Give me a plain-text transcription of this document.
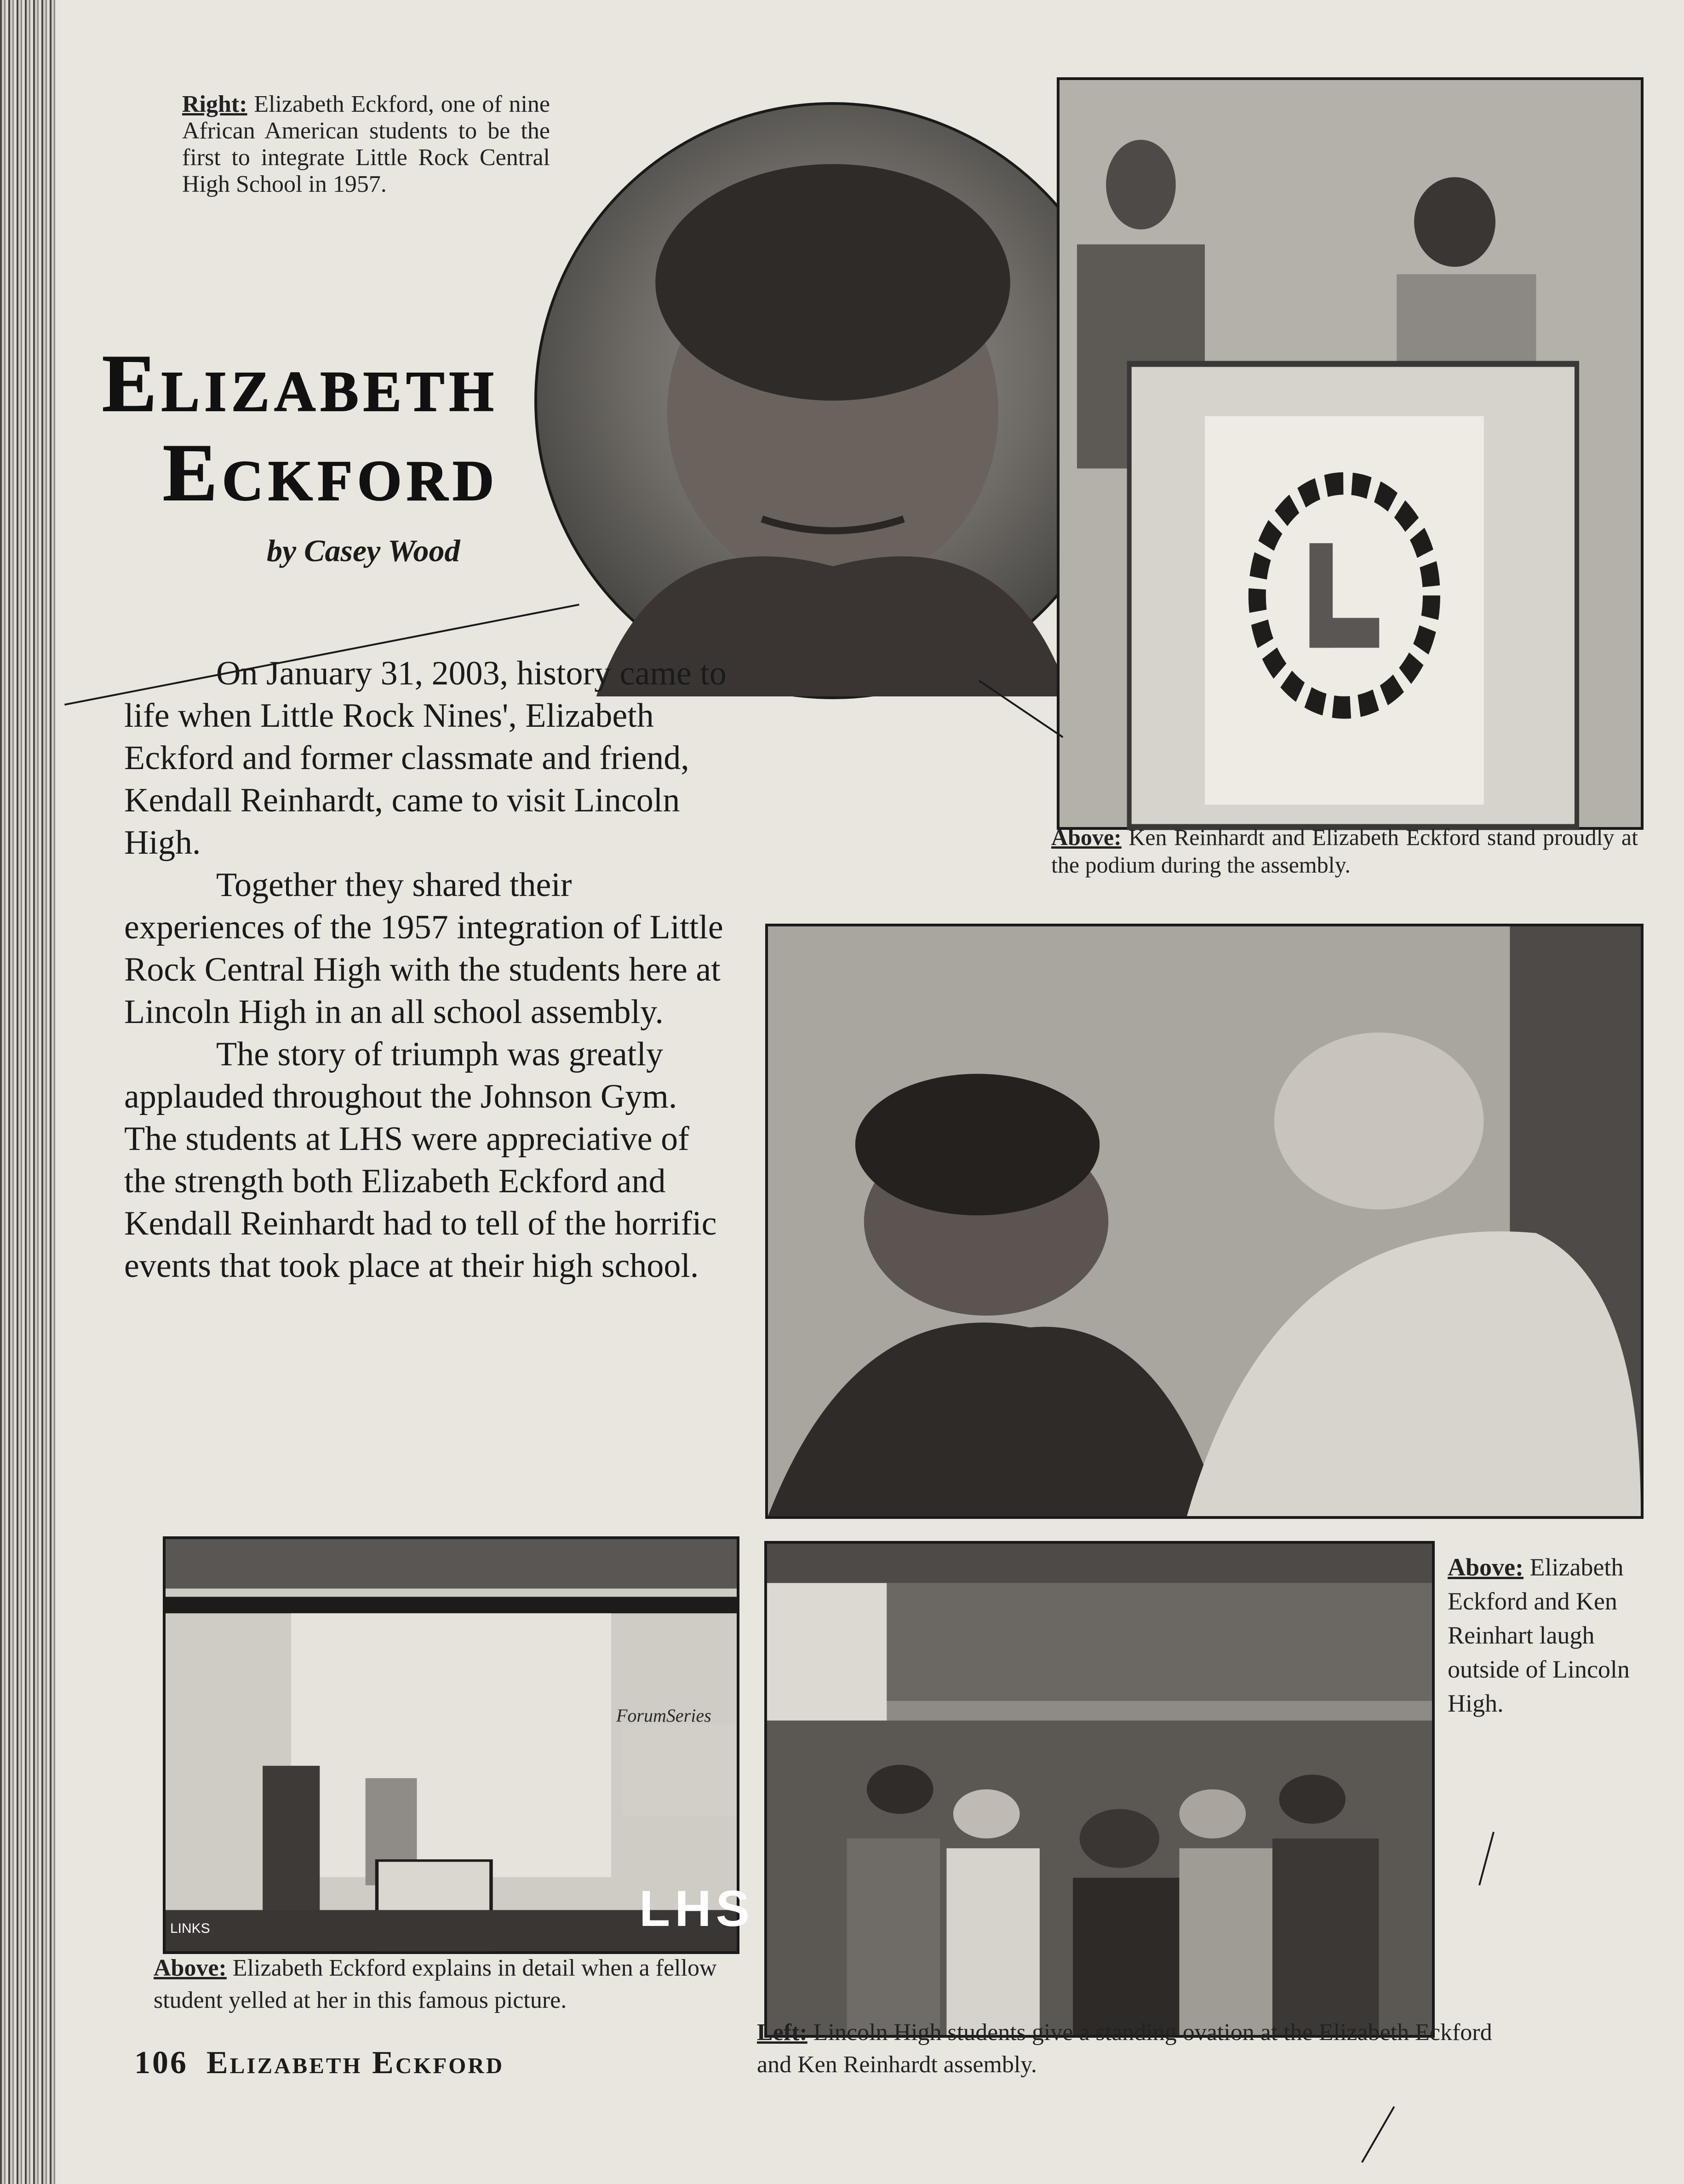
LHS
ForumSeries
LINKS
Right: Elizabeth Eckford, one of nine African American students to be the first to integrate Little Rock Central High School in 1957.
Elizabeth
Eckford
by Casey Wood

On January 31, 2003, history came to life when Little Rock Nines', Elizabeth Eckford and former classmate and friend, Kendall Reinhardt, came to visit Lincoln High.

Together they shared their experiences of the 1957 integration of Little Rock Central High with the students here at Lincoln High in an all school assembly.

The story of triumph was greatly applauded throughout the Johnson Gym. The students at LHS were appreciative of the strength both Elizabeth Eckford and Kendall Reinhardt had to tell of the horrific events that took place at their high school.

Above: Ken Reinhardt and Elizabeth Eckford stand proudly at the podium during the assembly.
Above: Elizabeth Eckford and Ken Reinhart laugh outside of Lincoln High.
Above: Elizabeth Eckford explains in detail when a fellow student yelled at her in this famous picture.
Left: Lincoln High students give a standing ovation at the Elizabeth Eckford and Ken Reinhardt assembly.
106 Elizabeth Eckford
